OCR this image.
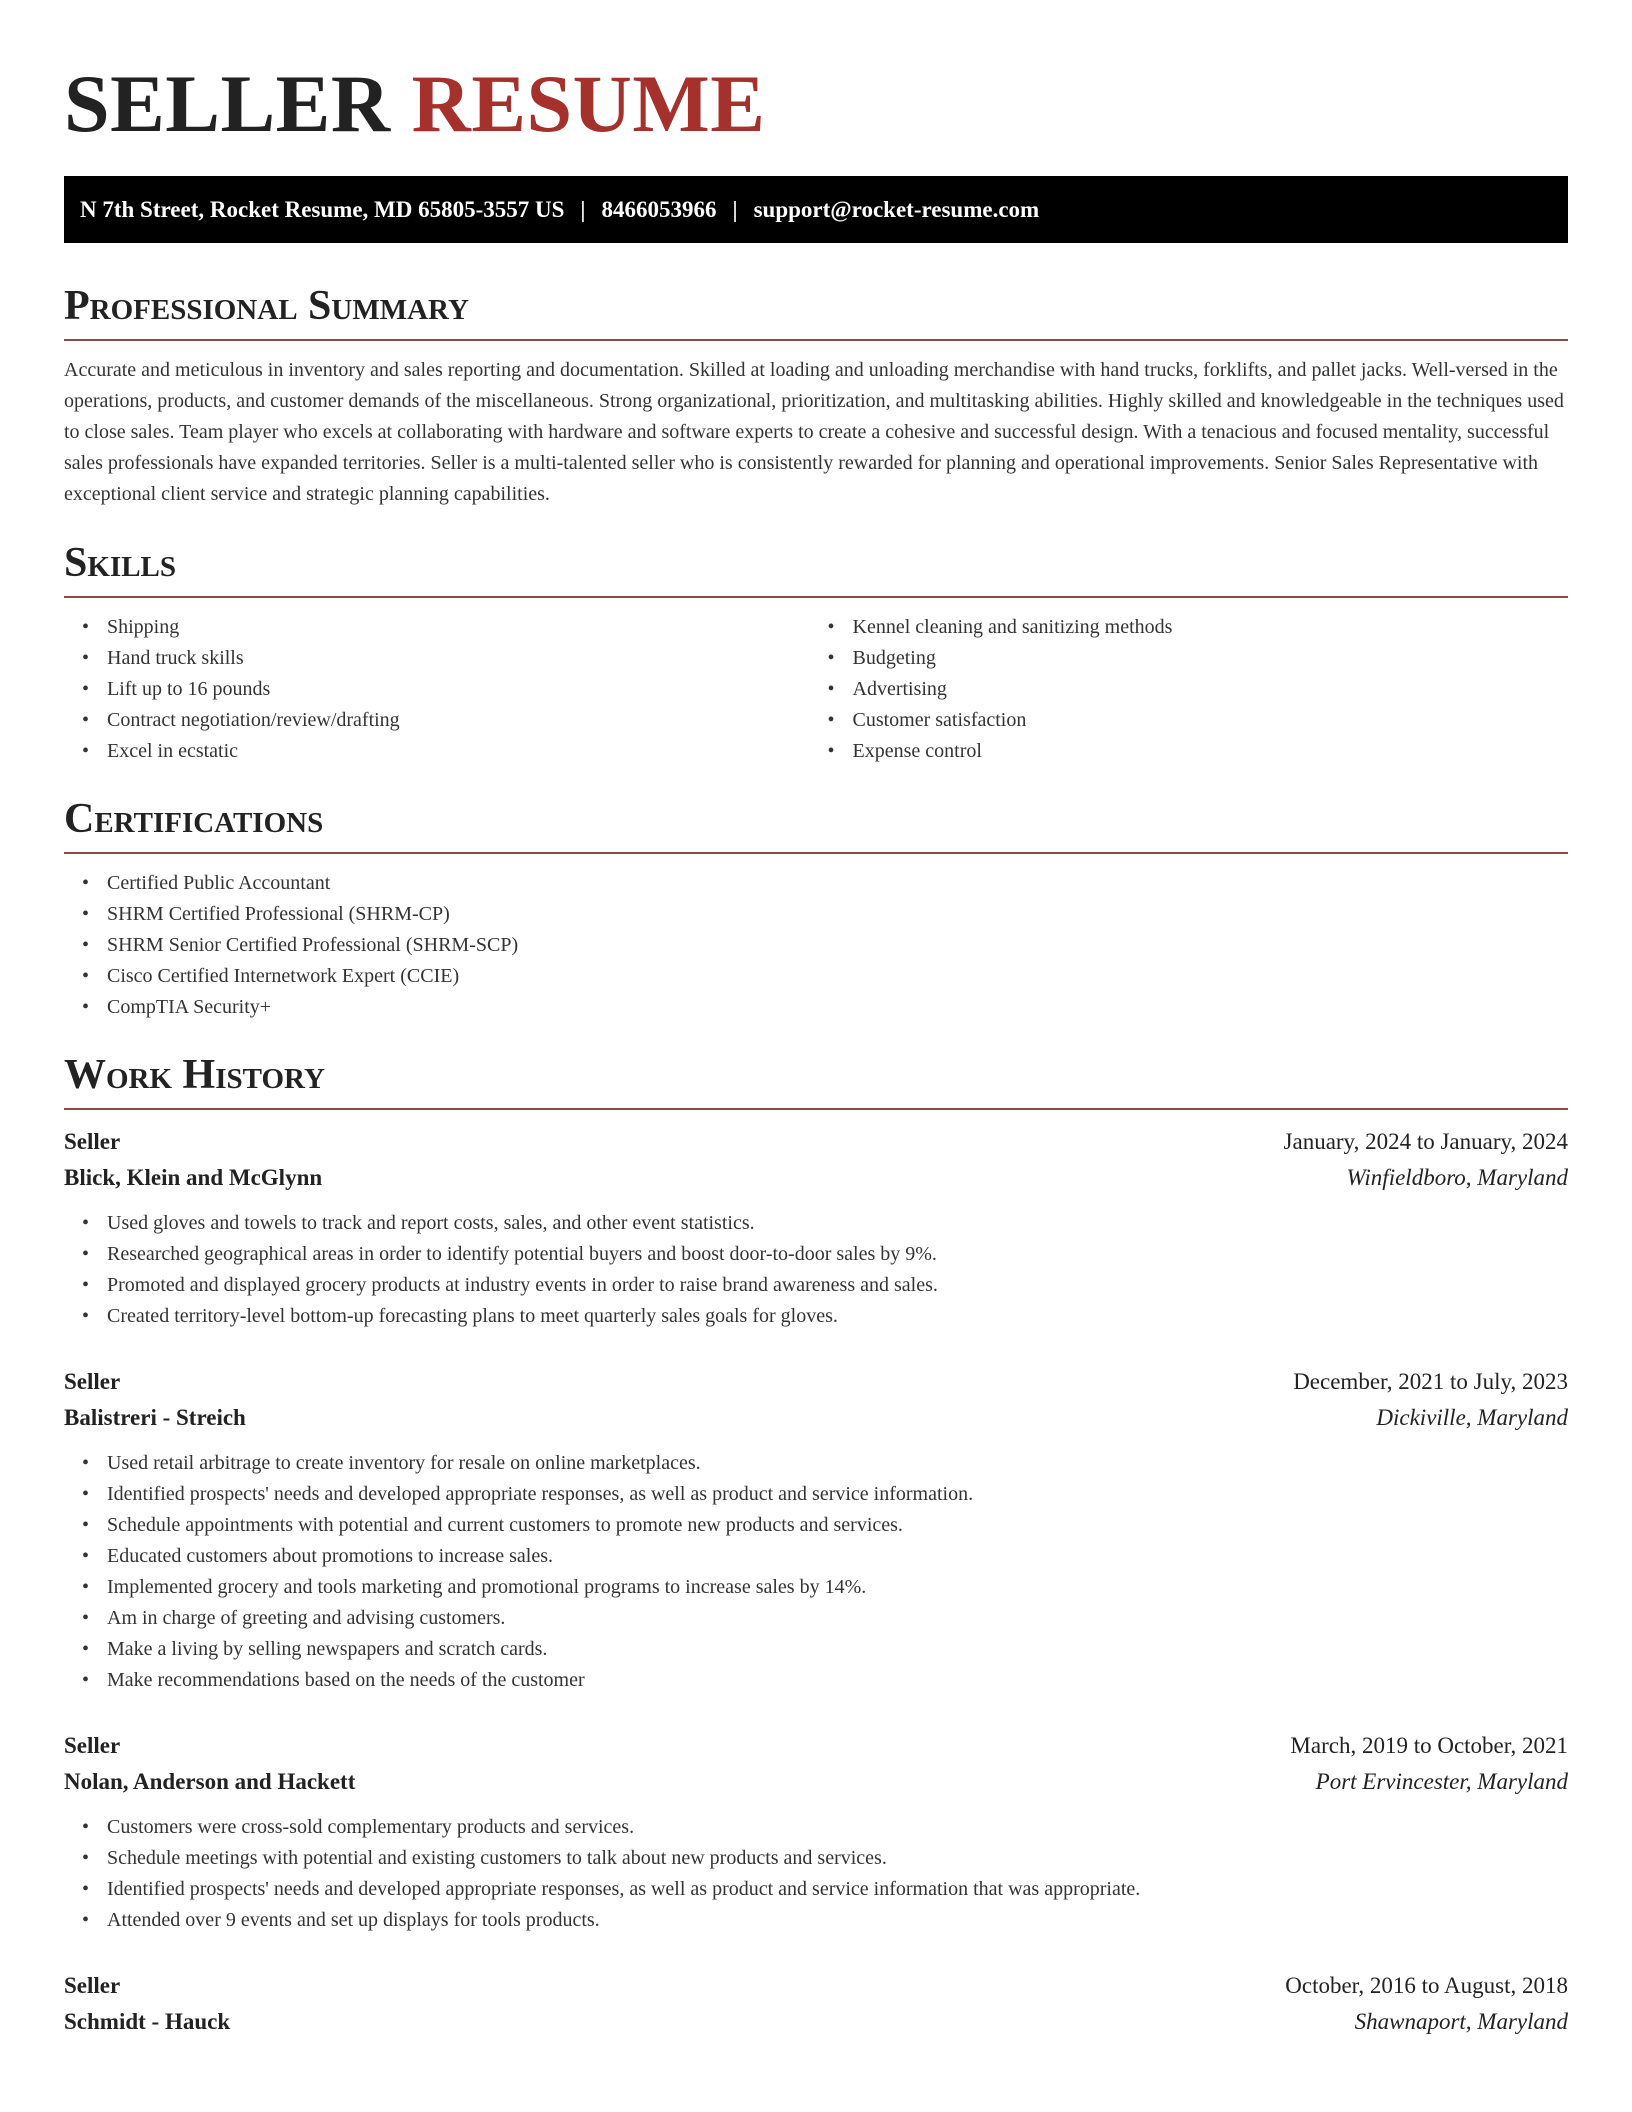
SELLER RESUME
N 7th Street, Rocket Resume, MD 65805-3557 US | 8466053966 | support@rocket-resume.com
Professional Summary

Accurate and meticulous in inventory and sales reporting and documentation. Skilled at loading and unloading merchandise with hand trucks, forklifts, and pallet jacks. Well-versed in the operations, products, and customer demands of the miscellaneous. Strong organizational, prioritization, and multitasking abilities. Highly skilled and knowledgeable in the techniques used to close sales. Team player who excels at collaborating with hardware and software experts to create a cohesive and successful design. With a tenacious and focused mentality, successful sales professionals have expanded territories. Seller is a multi-talented seller who is consistently rewarded for planning and operational improvements. Senior Sales Representative with exceptional client service and strategic planning capabilities.

Skills
• Shipping
• Hand truck skills
• Lift up to 16 pounds
• Contract negotiation/review/drafting
• Excel in ecstatic
• Kennel cleaning and sanitizing methods
• Budgeting
• Advertising
• Customer satisfaction
• Expense control
Certifications
• Certified Public Accountant
• SHRM Certified Professional (SHRM-CP)
• SHRM Senior Certified Professional (SHRM-SCP)
• Cisco Certified Internetwork Expert (CCIE)
• CompTIA Security+
Work History
Seller	January, 2024 to January, 2024
Blick, Klein and McGlynn	Winfieldboro, Maryland
• Used gloves and towels to track and report costs, sales, and other event statistics.
• Researched geographical areas in order to identify potential buyers and boost door-to-door sales by 9%.
• Promoted and displayed grocery products at industry events in order to raise brand awareness and sales.
• Created territory-level bottom-up forecasting plans to meet quarterly sales goals for gloves.
Seller	December, 2021 to July, 2023
Balistreri - Streich	Dickiville, Maryland
• Used retail arbitrage to create inventory for resale on online marketplaces.
• Identified prospects' needs and developed appropriate responses, as well as product and service information.
• Schedule appointments with potential and current customers to promote new products and services.
• Educated customers about promotions to increase sales.
• Implemented grocery and tools marketing and promotional programs to increase sales by 14%.
• Am in charge of greeting and advising customers.
• Make a living by selling newspapers and scratch cards.
• Make recommendations based on the needs of the customer
Seller	March, 2019 to October, 2021
Nolan, Anderson and Hackett	Port Ervincester, Maryland
• Customers were cross-sold complementary products and services.
• Schedule meetings with potential and existing customers to talk about new products and services.
• Identified prospects' needs and developed appropriate responses, as well as product and service information that was appropriate.
• Attended over 9 events and set up displays for tools products.
Seller	October, 2016 to August, 2018
Schmidt - Hauck	Shawnaport, Maryland
